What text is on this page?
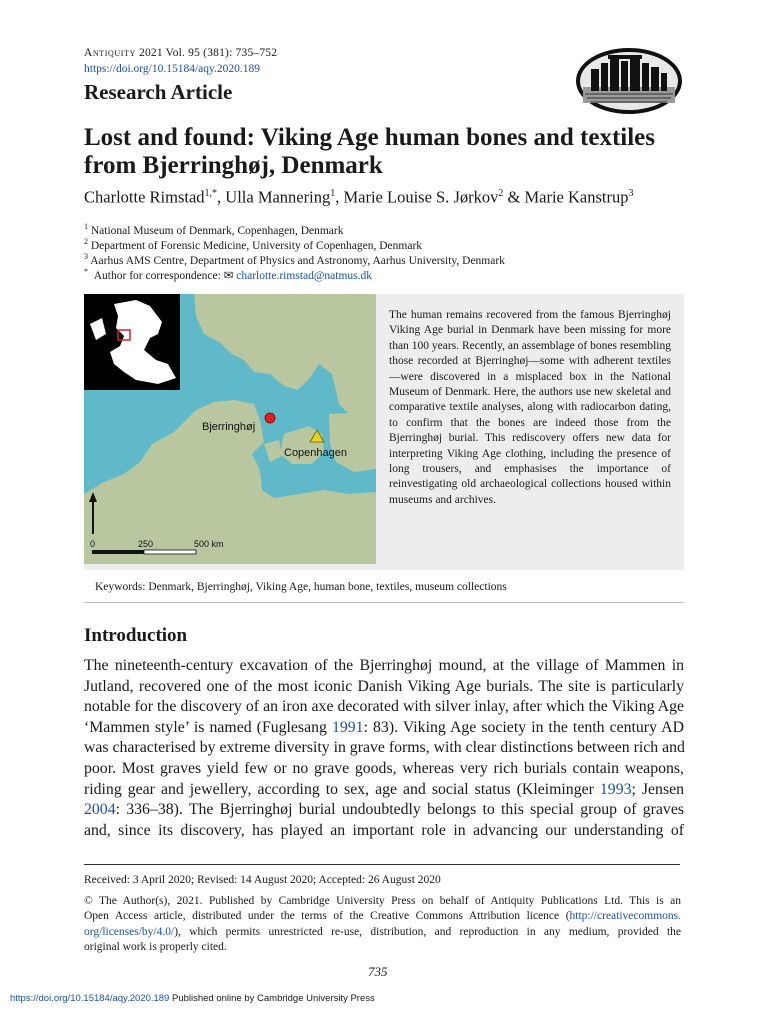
Antiquity 2021 Vol. 95 (381): 735–752
https://doi.org/10.15184/aqy.2020.189
Research Article
Lost and found: Viking Age human bones and textiles
from Bjerringhøj, Denmark
Charlotte Rimstad$^{1,*}$, Ulla Mannering$^1$, Marie Louise S. Jørkov$^2$ & Marie Kanstrup$^3$
$^1$ National Museum of Denmark, Copenhagen, Denmark
$^2$ Department of Forensic Medicine, University of Copenhagen, Denmark
$^3$ Aarhus AMS Centre, Department of Physics and Astronomy, Aarhus University, Denmark
* Author for correspondence: ✉ charlotte.rimstad@natmus.dk
Bjerringhøj
Copenhagen
0	250	500 km
The human remains recovered from the famous Bjerringhøj Viking Age burial in Denmark have been missing for more than 100 years. Recently, an assemblage of bones resembling those recorded at Bjerringhøj—some with adherent textiles—were discovered in a misplaced box in the National Museum of Denmark. Here, the authors use new skeletal and comparative textile analyses, along with radiocarbon dating, to confirm that the bones are indeed those from the Bjerringhøj burial. This rediscovery offers new data for interpreting Viking Age clothing, including the presence of long trousers, and emphasises the importance of reinvestigating old archaeological collections housed within museums and archives.
Keywords: Denmark, Bjerringhøj, Viking Age, human bone, textiles, museum collections
Introduction
The nineteenth-century excavation of the Bjerringhøj mound, at the village of Mammen in
Jutland, recovered one of the most iconic Danish Viking Age burials. The site is particularly
notable for the discovery of an iron axe decorated with silver inlay, after which the Viking Age
‘Mammen style’ is named (Fuglesang 1991: 83). Viking Age society in the tenth century AD
was characterised by extreme diversity in grave forms, with clear distinctions between rich and
poor. Most graves yield few or no grave goods, whereas very rich burials contain weapons,
riding gear and jewellery, according to sex, age and social status (Kleiminger 1993; Jensen
2004: 336–38). The Bjerringhøj burial undoubtedly belongs to this special group of graves
and, since its discovery, has played an important role in advancing our understanding of
Received: 3 April 2020; Revised: 14 August 2020; Accepted: 26 August 2020
© The Author(s), 2021. Published by Cambridge University Press on behalf of Antiquity Publications Ltd. This is an
Open Access article, distributed under the terms of the Creative Commons Attribution licence (http://creativecommons.
org/licenses/by/4.0/), which permits unrestricted re-use, distribution, and reproduction in any medium, provided the
original work is properly cited.
735
https://doi.org/10.15184/aqy.2020.189 Published online by Cambridge University Press
